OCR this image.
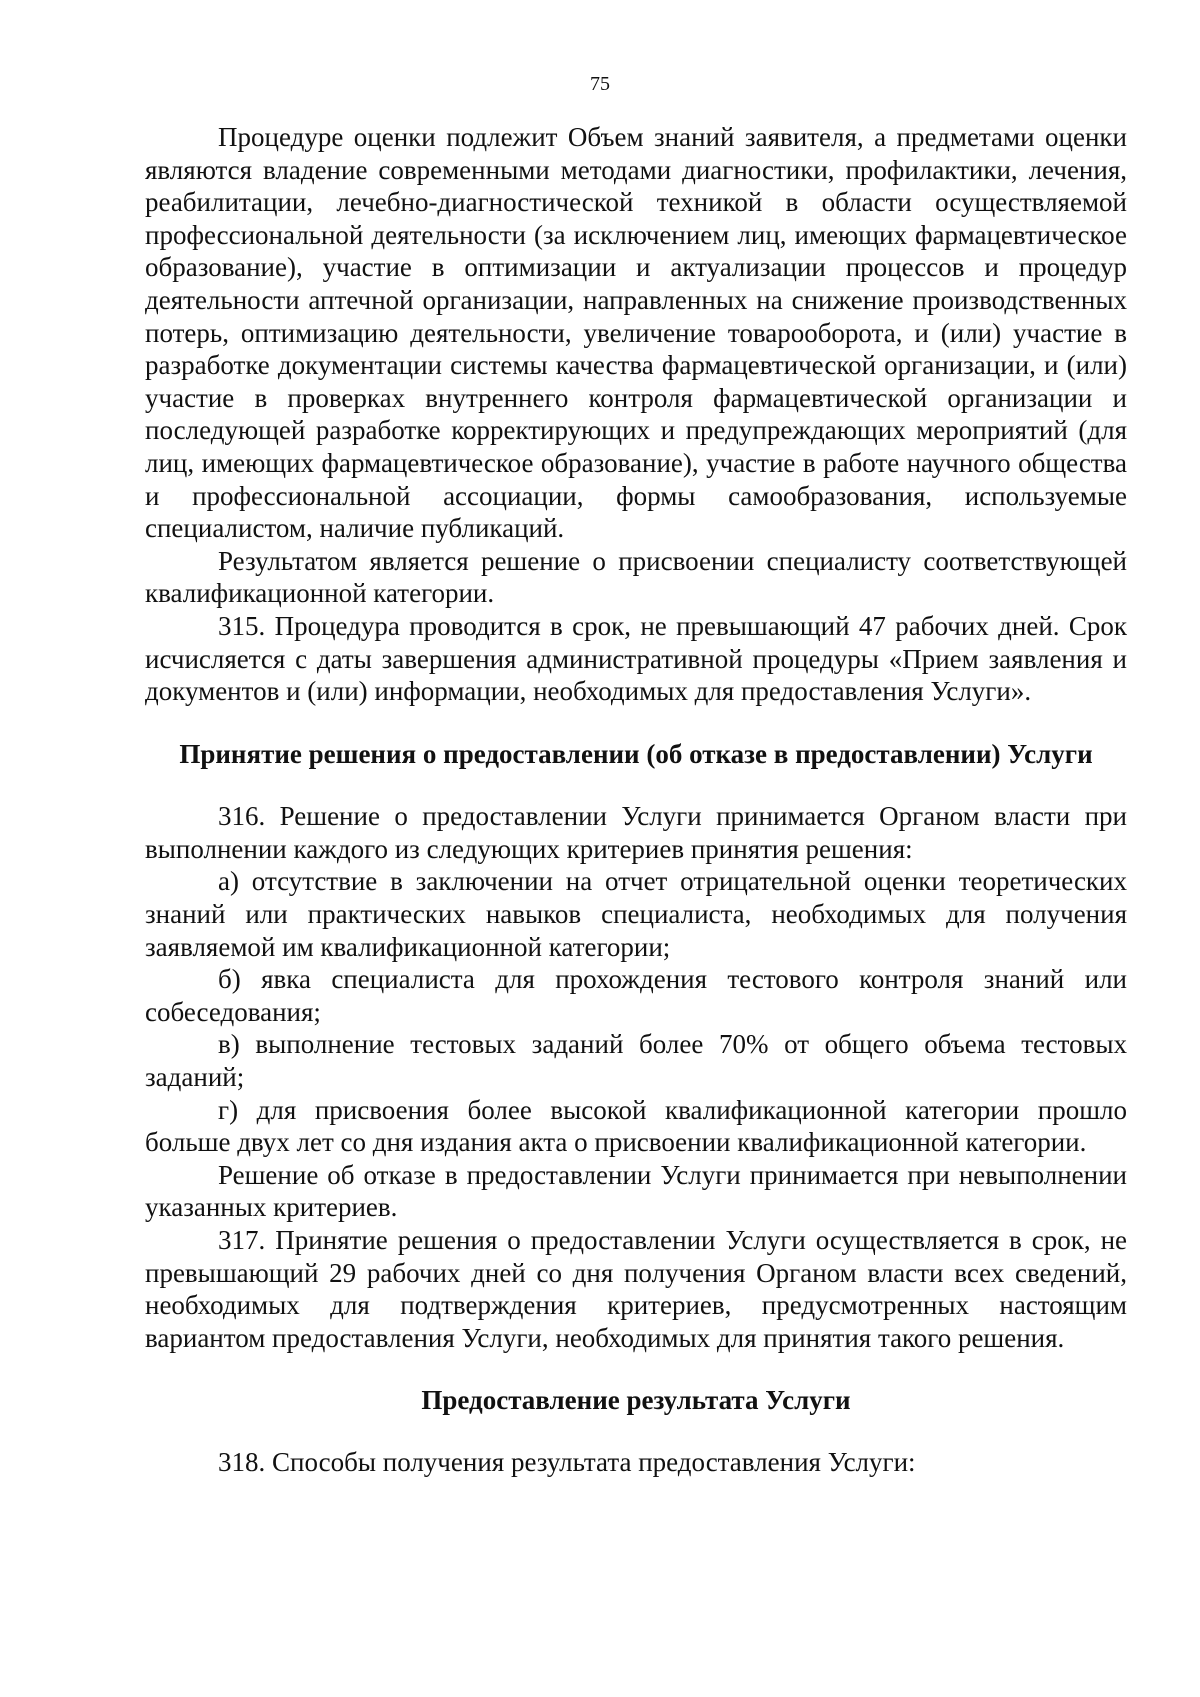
75

Процедуре оценки подлежит Объем знаний заявителя, а предметами оценки являются владение современными методами диагностики, профилактики, лечения, реабилитации, лечебно-диагностической техникой в области осуществляемой профессиональной деятельности (за исключением лиц, имеющих фармацевтическое образование), участие в оптимизации и актуализации процессов и процедур деятельности аптечной организации, направленных на снижение производственных потерь, оптимизацию деятельности, увеличение товарооборота, и (или) участие в разработке документации системы качества фармацевтической организации, и (или) участие в проверках внутреннего контроля фармацевтической организации и последующей разработке корректирующих и предупреждающих мероприятий (для лиц, имеющих фармацевтическое образование), участие в работе научного общества и профессиональной ассоциации, формы самообразования, используемые специалистом, наличие публикаций.

Результатом является решение о присвоении специалисту соответствующей квалификационной категории.

315. Процедура проводится в срок, не превышающий 47 рабочих дней. Срок исчисляется с даты завершения административной процедуры «Прием заявления и документов и (или) информации, необходимых для предоставления Услуги».

Принятие решения о предоставлении (об отказе в предоставлении) Услуги

316. Решение о предоставлении Услуги принимается Органом власти при выполнении каждого из следующих критериев принятия решения:

а) отсутствие в заключении на отчет отрицательной оценки теоретических знаний или практических навыков специалиста, необходимых для получения заявляемой им квалификационной категории;

б) явка специалиста для прохождения тестового контроля знаний или собеседования;

в) выполнение тестовых заданий более 70% от общего объема тестовых заданий;

г) для присвоения более высокой квалификационной категории прошло больше двух лет со дня издания акта о присвоении квалификационной категории.

Решение об отказе в предоставлении Услуги принимается при невыполнении указанных критериев.

317. Принятие решения о предоставлении Услуги осуществляется в срок, не превышающий 29 рабочих дней со дня получения Органом власти всех сведений, необходимых для подтверждения критериев, предусмотренных настоящим вариантом предоставления Услуги, необходимых для принятия такого решения.

Предоставление результата Услуги

318. Способы получения результата предоставления Услуги:
